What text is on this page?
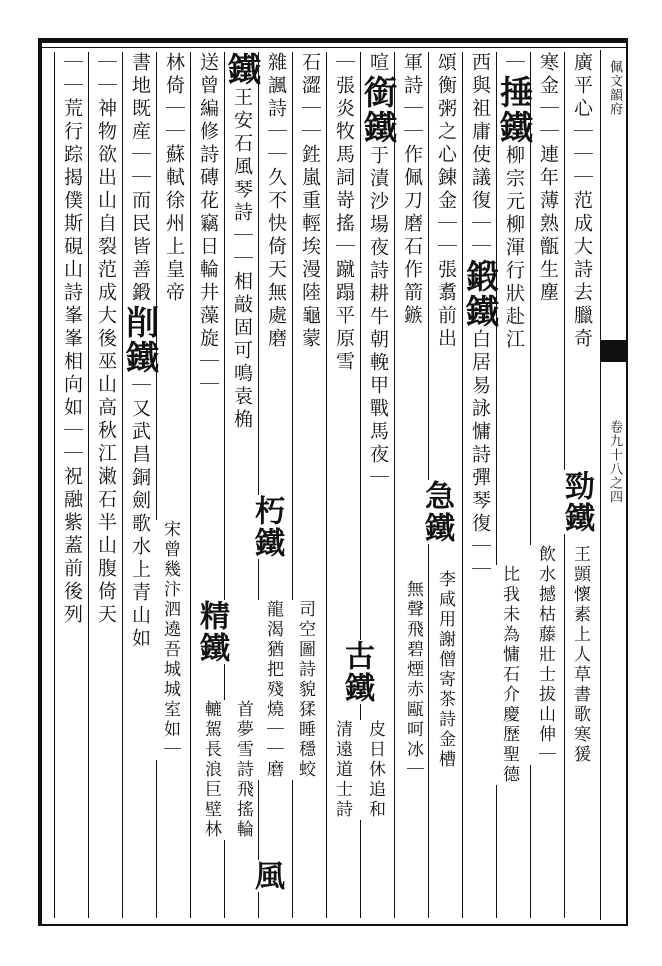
佩文韻府
卷九十八之四
廣平心｜｜｜范成大詩去臘奇
寒金｜｜連年薄熟甑生塵
｜捶鐵柳宗元柳渾行狀赴江
西與祖庸使議復｜｜鍛鐵白居易詠慵詩彈琴復｜｜
頌衡粥之心錬金｜｜張翥前出
軍詩｜｜作佩刀磨石作箭鏃
喧銜鐵于漬沙場夜詩耕牛朝輓甲戰馬夜｜
｜張炎牧馬詞嵜搖｜蹴蹋平原雪
石澀｜｜鉎嵐重輕埃漫陸龜蒙
雜諷詩｜｜久不快倚天無處磨
鐵王安石風琴詩｜｜相敲固可鳴袁桷
送曾編修詩磚花竊日輪井藻旋｜｜
林倚｜｜蘇軾徐州上皇帝
書地既産｜｜而民皆善鍛削鐵｜又武昌銅劍歌水上青山如
｜｜神物欲出山自裂范成大後巫山高秋江潄石半山腹倚天
｜｜荒行踪揭僕斯硯山詩峯峯相向如｜｜祝融紫蓋前後列	勁鐵
急鐵
古鐵
朽鐵
精鐵
風
王顗懷素上人草書歌寒猨
飲水撼枯藤壯士拔山伸｜
比我未為慵石介慶歷聖德
李咸用謝僧寄茶詩金槽
無聲飛碧煙赤甌呵冰｜
皮日休追和
清遠道士詩
司空圖詩貌猱睡穩蛟
龍渴猶把殘燒｜｜磨
宋曾幾汴泗遶吾城城室如｜
首夢雪詩飛搖輪
轆駕長浪巨壁林
